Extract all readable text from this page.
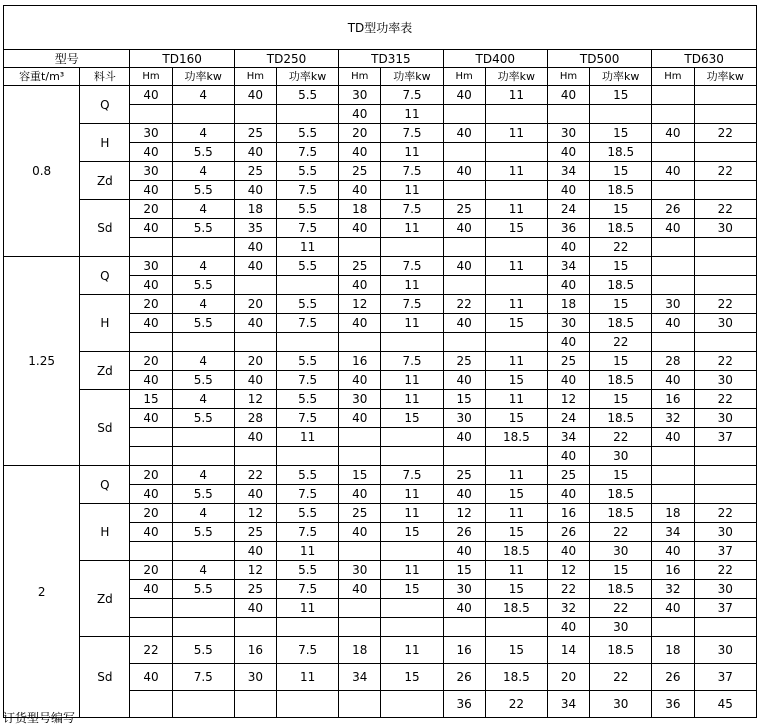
TD型功率表													
型号		TD160		TD250		TD315		TD400		TD500		TD630	
容重t/m³	料斗	Hm	功率kw	Hm	功率kw	Hm	功率kw	Hm	功率kw	Hm	功率kw	Hm	功率kw
0.8	Q	40	4	40	5.5	30	7.5	40	11	40	15		
						40	11						
	H	30	4	25	5.5	20	7.5	40	11	30	15	40	22
		40	5.5	40	7.5	40	11			40	18.5		
	Zd	30	4	25	5.5	25	7.5	40	11	34	15	40	22
		40	5.5	40	7.5	40	11			40	18.5		
	Sd	20	4	18	5.5	18	7.5	25	11	24	15	26	22
		40	5.5	35	7.5	40	11	40	15	36	18.5	40	30
				40	11					40	22		
1.25	Q	30	4	40	5.5	25	7.5	40	11	34	15		
		40	5.5			40	11			40	18.5		
	H	20	4	20	5.5	12	7.5	22	11	18	15	30	22
		40	5.5	40	7.5	40	11	40	15	30	18.5	40	30
										40	22		
	Zd	20	4	20	5.5	16	7.5	25	11	25	15	28	22
		40	5.5	40	7.5	40	11	40	15	40	18.5	40	30
	Sd	15	4	12	5.5	30	11	15	11	12	15	16	22
		40	5.5	28	7.5	40	15	30	15	24	18.5	32	30
				40	11			40	18.5	34	22	40	37
										40	30		
2	Q	20	4	22	5.5	15	7.5	25	11	25	15		
		40	5.5	40	7.5	40	11	40	15	40	18.5		
	H	20	4	12	5.5	25	11	12	11	16	18.5	18	22
		40	5.5	25	7.5	40	15	26	15	26	22	34	30
				40	11			40	18.5	40	30	40	37
	Zd	20	4	12	5.5	30	11	15	11	12	15	16	22
		40	5.5	25	7.5	40	15	30	15	22	18.5	32	30
				40	11			40	18.5	32	22	40	37
										40	30		
	Sd	22	5.5	16	7.5	18	11	16	15	14	18.5	18	30
		40	7.5	30	11	34	15	26	18.5	20	22	26	37
								36	22	34	30	36	45

订货型号编写
